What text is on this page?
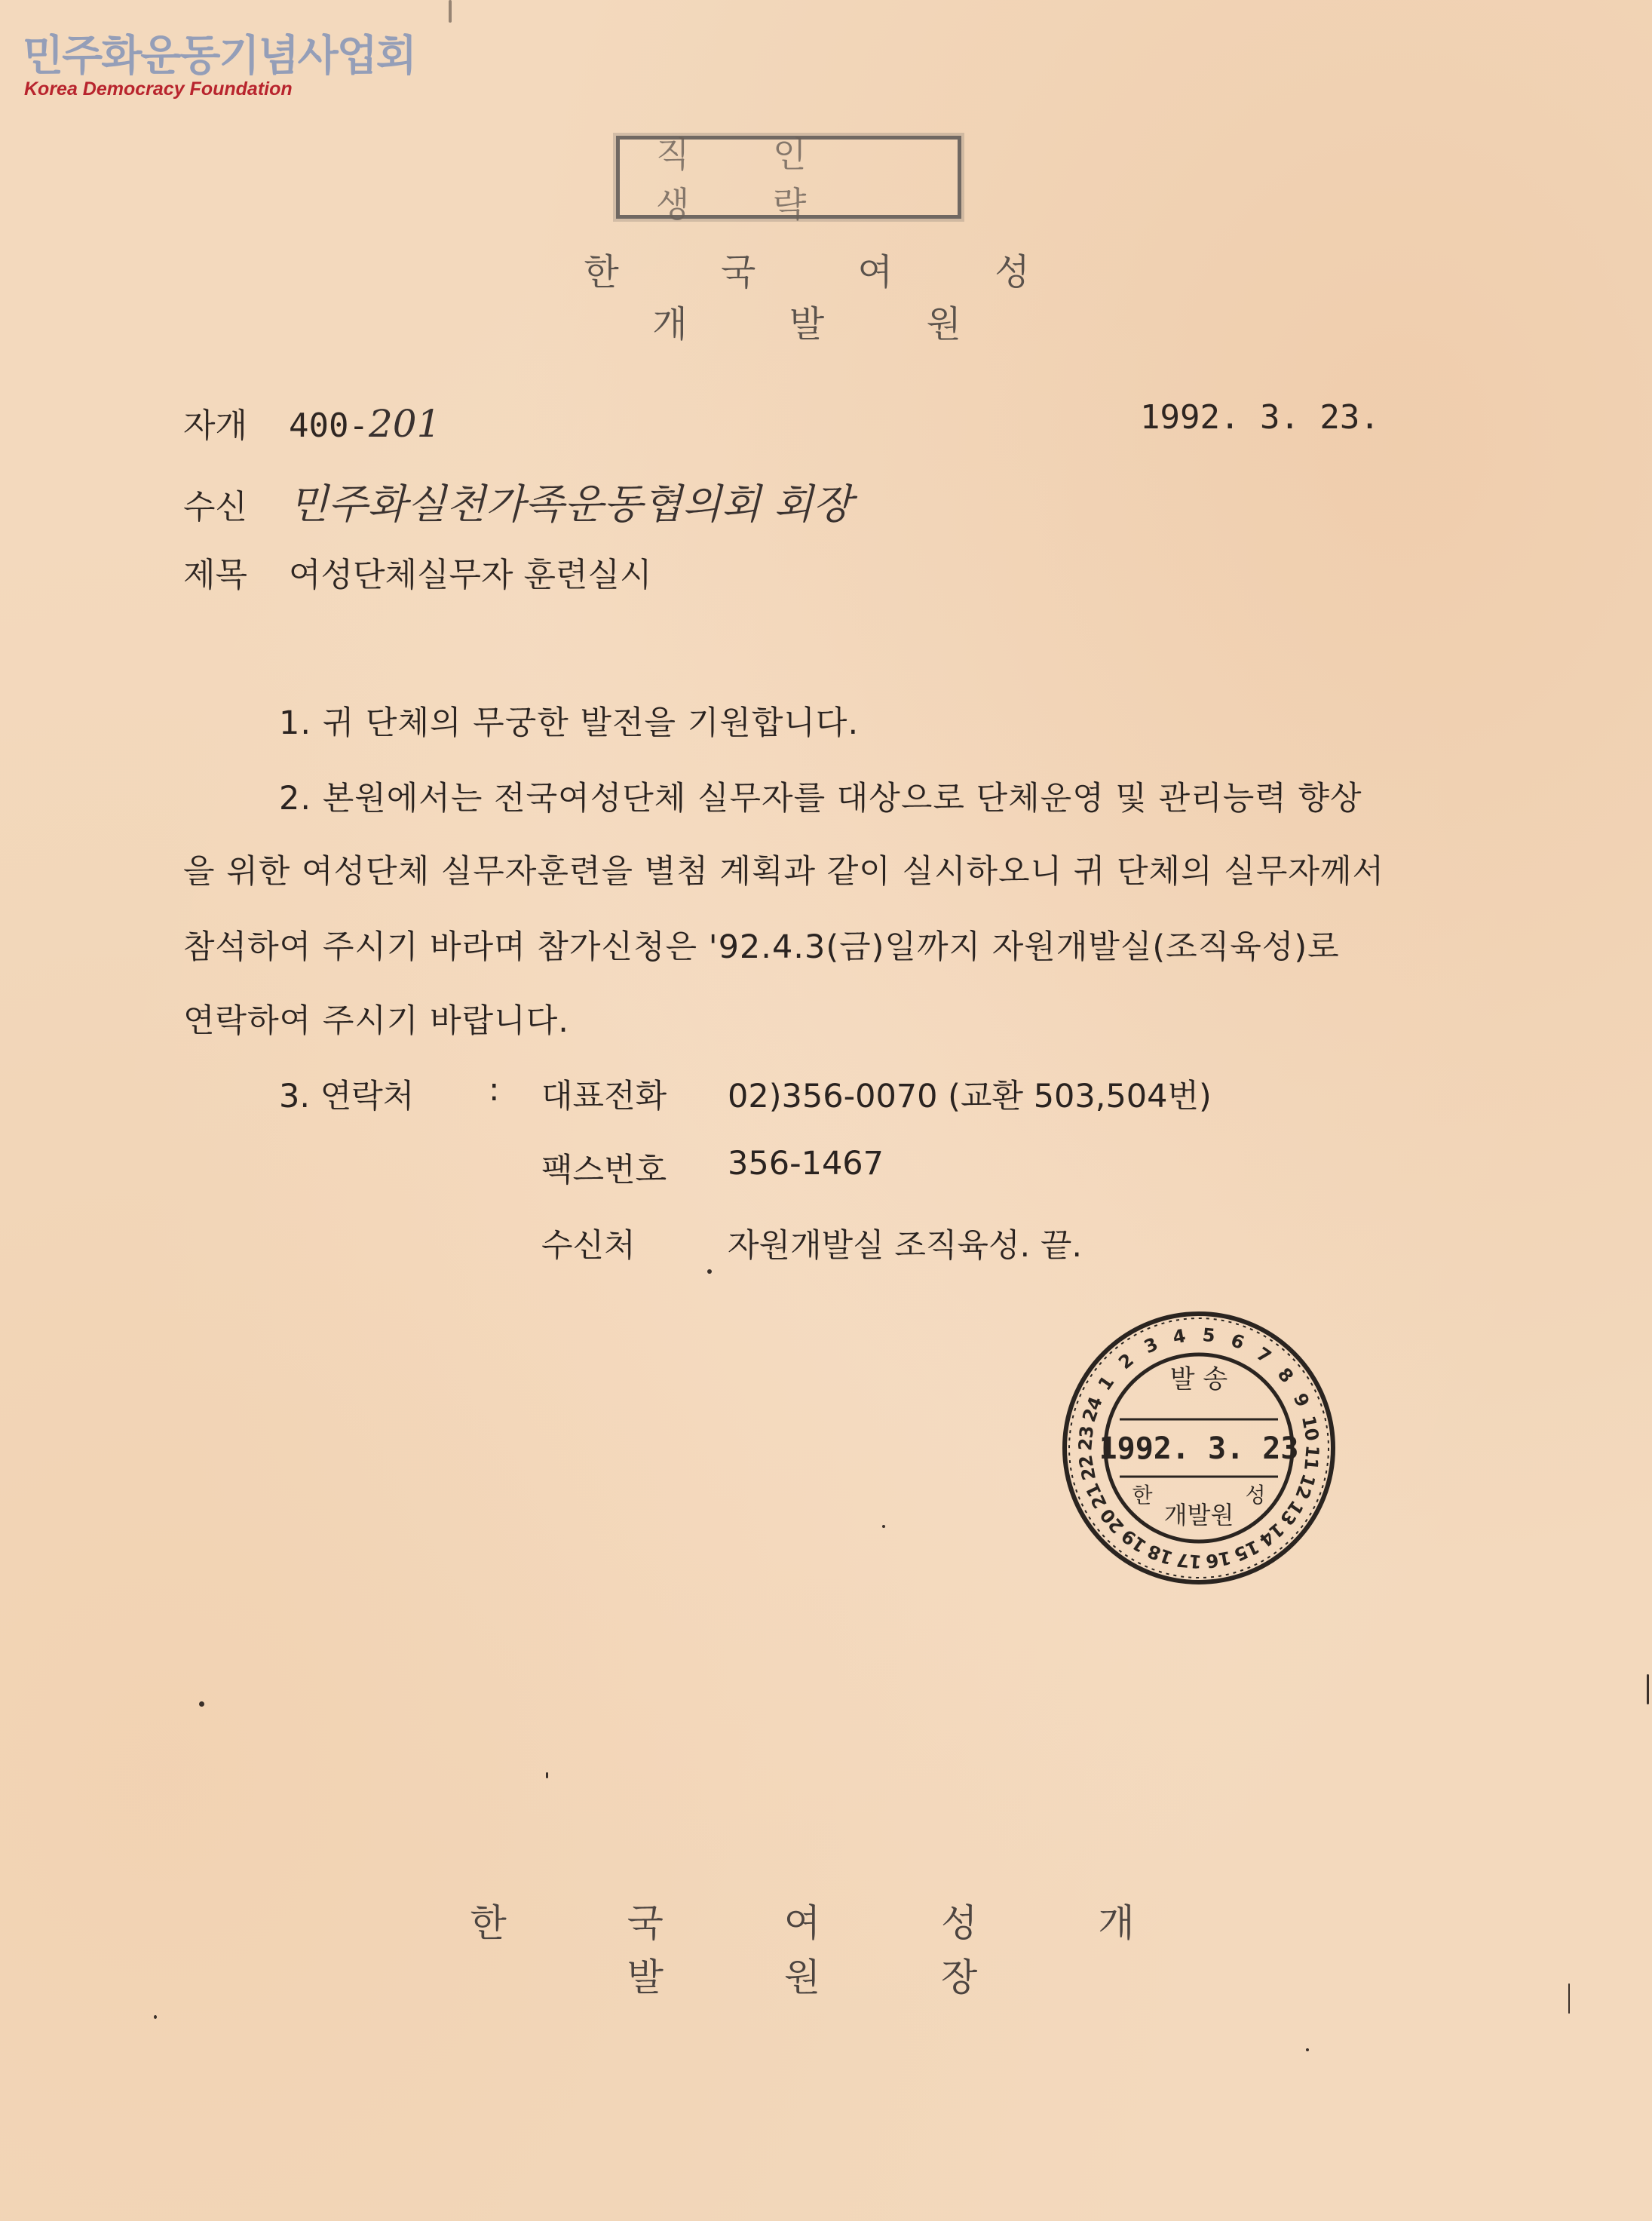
민주화운동기념사업회
Korea Democracy Foundation
직 인 생 략
한 국 여 성 개 발 원
자개 400-201	1992. 3. 23.
수신 민주화실천가족운동협의회 회장
제목 여성단체실무자 훈련실시
1. 귀 단체의 무궁한 발전을 기원합니다.
2. 본원에서는 전국여성단체 실무자를 대상으로 단체운영 및 관리능력 향상
을 위한 여성단체 실무자훈련을 별첨 계획과 같이 실시하오니 귀 단체의 실무자께서
참석하여 주시기 바라며 참가신청은 '92.4.3(금)일까지 자원개발실(조직육성)로
연락하여 주시기 바랍니다.
3. 연락처 : 대표전화 02)356-0070 (교환 503,504번)
팩스번호 356-1467
수신처	자원개발실 조직육성. 끝.
1
2
3 4 5 6
7
8
9
10
11
12
13
14
15
16
17
18
19
20
21
22
23
24
발 송
1992. 3. 23
한	성
개발원
한 국 여 성 개 발 원 장
